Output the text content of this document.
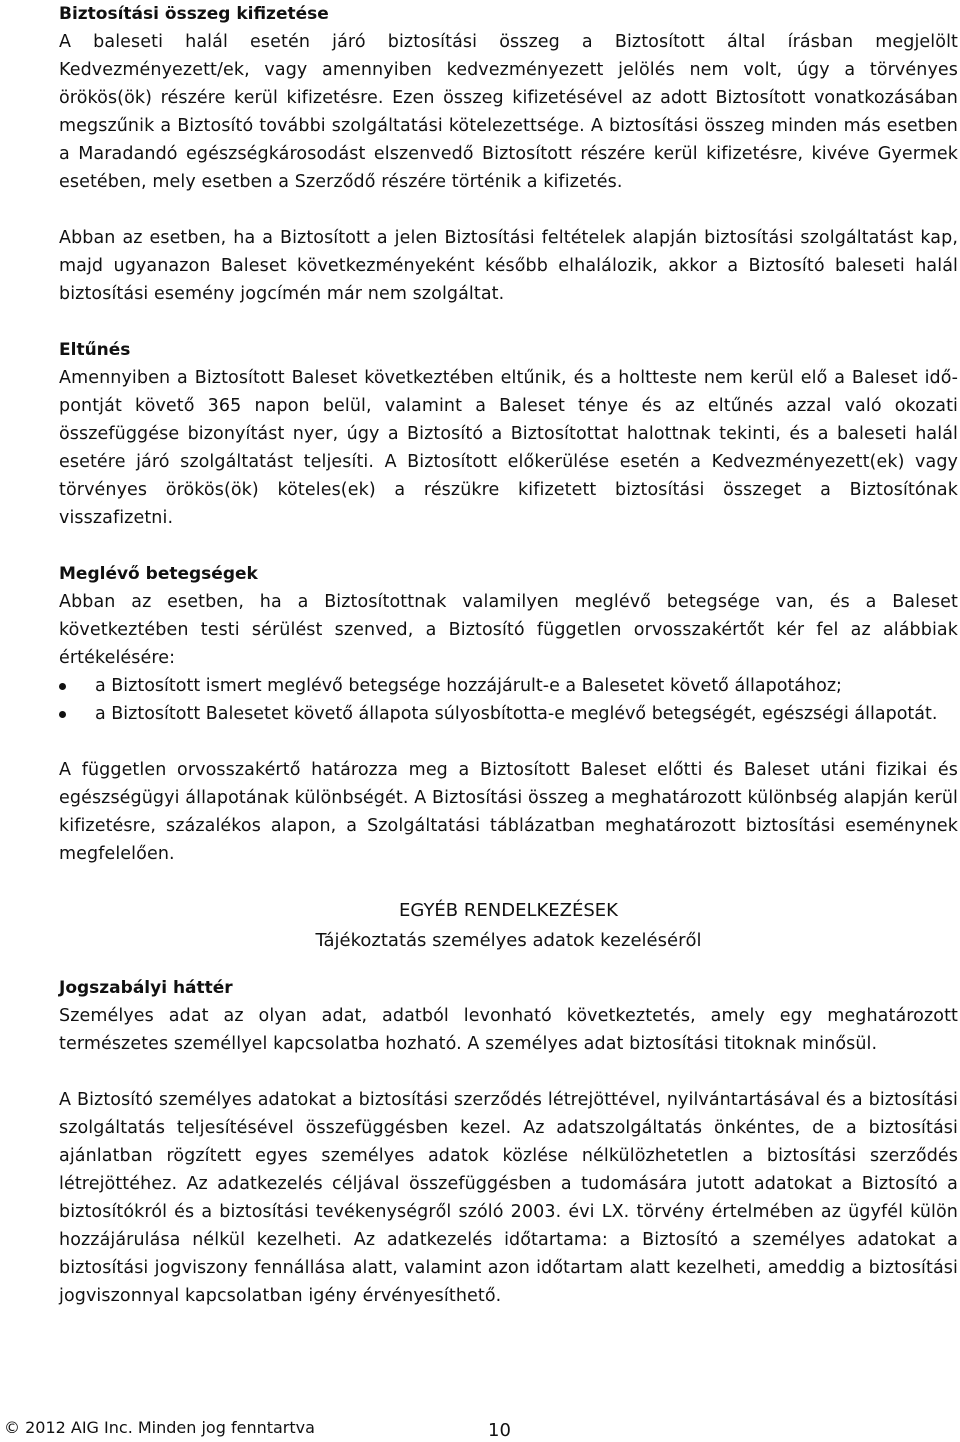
Biztosítási összeg kifizetése

A baleseti halál esetén járó biztosítási összeg a Biztosított által írásban megjelölt Kedvezményezett/ek, vagy amennyiben kedvezményezett jelölés nem volt, úgy a törvényes örökös(ök) részére kerül kifizetésre. Ezen összeg kifizetésével az adott Biztosított vonatkozásában megszűnik a Biztosító további szolgáltatási kötelezettsége. A biztosítási összeg minden más esetben a Maradandó egészségkárosodást elszenvedő Biztosított részére kerül kifizetésre, kivéve Gyermek esetében, mely esetben a Szerződő részére történik a kifizetés.

Abban az esetben, ha a Biztosított a jelen Biztosítási feltételek alapján biztosítási szolgáltatást kap, majd ugyanazon Baleset következményeként később elhalálozik, akkor a Biztosító baleseti halál biztosítási esemény jogcímén már nem szolgáltat.

Eltűnés

Amennyiben a Biztosított Baleset következtében eltűnik, és a holtteste nem kerül elő a Baleset idő- pontját követő 365 napon belül, valamint a Baleset ténye és az eltűnés azzal való okozati összefüggése bizonyítást nyer, úgy a Biztosító a Biztosítottat halottnak tekinti, és a baleseti halál esetére járó szolgáltatást teljesíti. A Biztosított előkerülése esetén a Kedvezményezett(ek) vagy törvényes örökös(ök) köteles(ek) a részükre kifizetett biztosítási összeget a Biztosítónak visszafizetni.

Meglévő betegségek

Abban az esetben, ha a Biztosítottnak valamilyen meglévő betegsége van, és a Baleset következtében testi sérülést szenved, a Biztosító független orvosszakértőt kér fel az alábbiak értékelésére:

a Biztosított ismert meglévő betegsége hozzájárult-e a Balesetet követő állapotához;
a Biztosított Balesetet követő állapota súlyosbította-e meglévő betegségét, egészségi állapotát.

A független orvosszakértő határozza meg a Biztosított Baleset előtti és Baleset utáni fizikai és egészségügyi állapotának különbségét. A Biztosítási összeg a meghatározott különbség alapján kerül kifizetésre, százalékos alapon, a Szolgáltatási táblázatban meghatározott biztosítási eseménynek megfelelően.

EGYÉB RENDELKEZÉSEK
Tájékoztatás személyes adatok kezeléséről
Jogszabályi háttér

Személyes adat az olyan adat, adatból levonható következtetés, amely egy meghatározott természetes személlyel kapcsolatba hozható. A személyes adat biztosítási titoknak minősül.

A Biztosító személyes adatokat a biztosítási szerződés létrejöttével, nyilvántartásával és a biztosítási szolgáltatás teljesítésével összefüggésben kezel. Az adatszolgáltatás önkéntes, de a biztosítási ajánlatban rögzített egyes személyes adatok közlése nélkülözhetetlen a biztosítási szerződés létrejöttéhez. Az adatkezelés céljával összefüggésben a tudomására jutott adatokat a Biztosító a biztosítókról és a biztosítási tevékenységről szóló 2003. évi LX. törvény értelmében az ügyfél külön hozzájárulása nélkül kezelheti. Az adatkezelés időtartama: a Biztosító a személyes adatokat a biztosítási jogviszony fennállása alatt, valamint azon időtartam alatt kezelheti, ameddig a biztosítási jogviszonnyal kapcsolatban igény érvényesíthető.

© 2012 AIG Inc. Minden jog fenntartva	10
